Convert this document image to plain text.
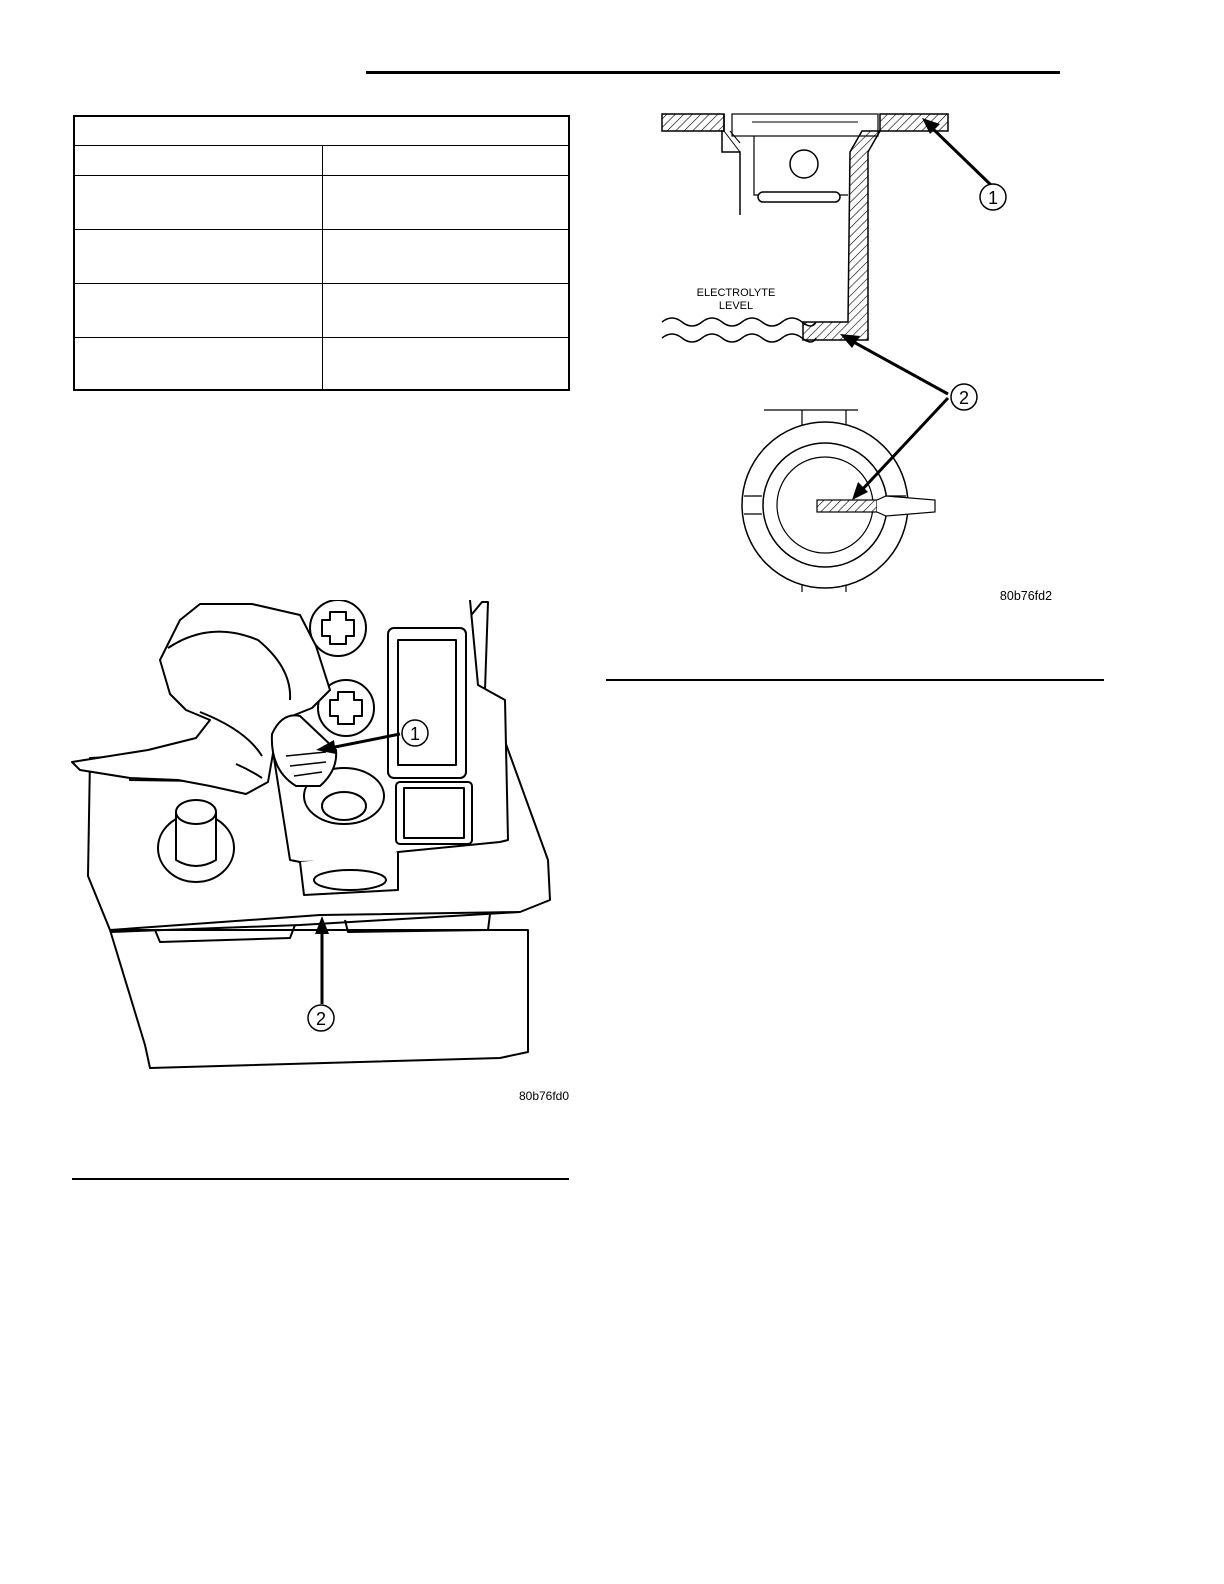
ELECTROLYTE
LEVEL
1
2
80b76fd2
1
2
80b76fd0
